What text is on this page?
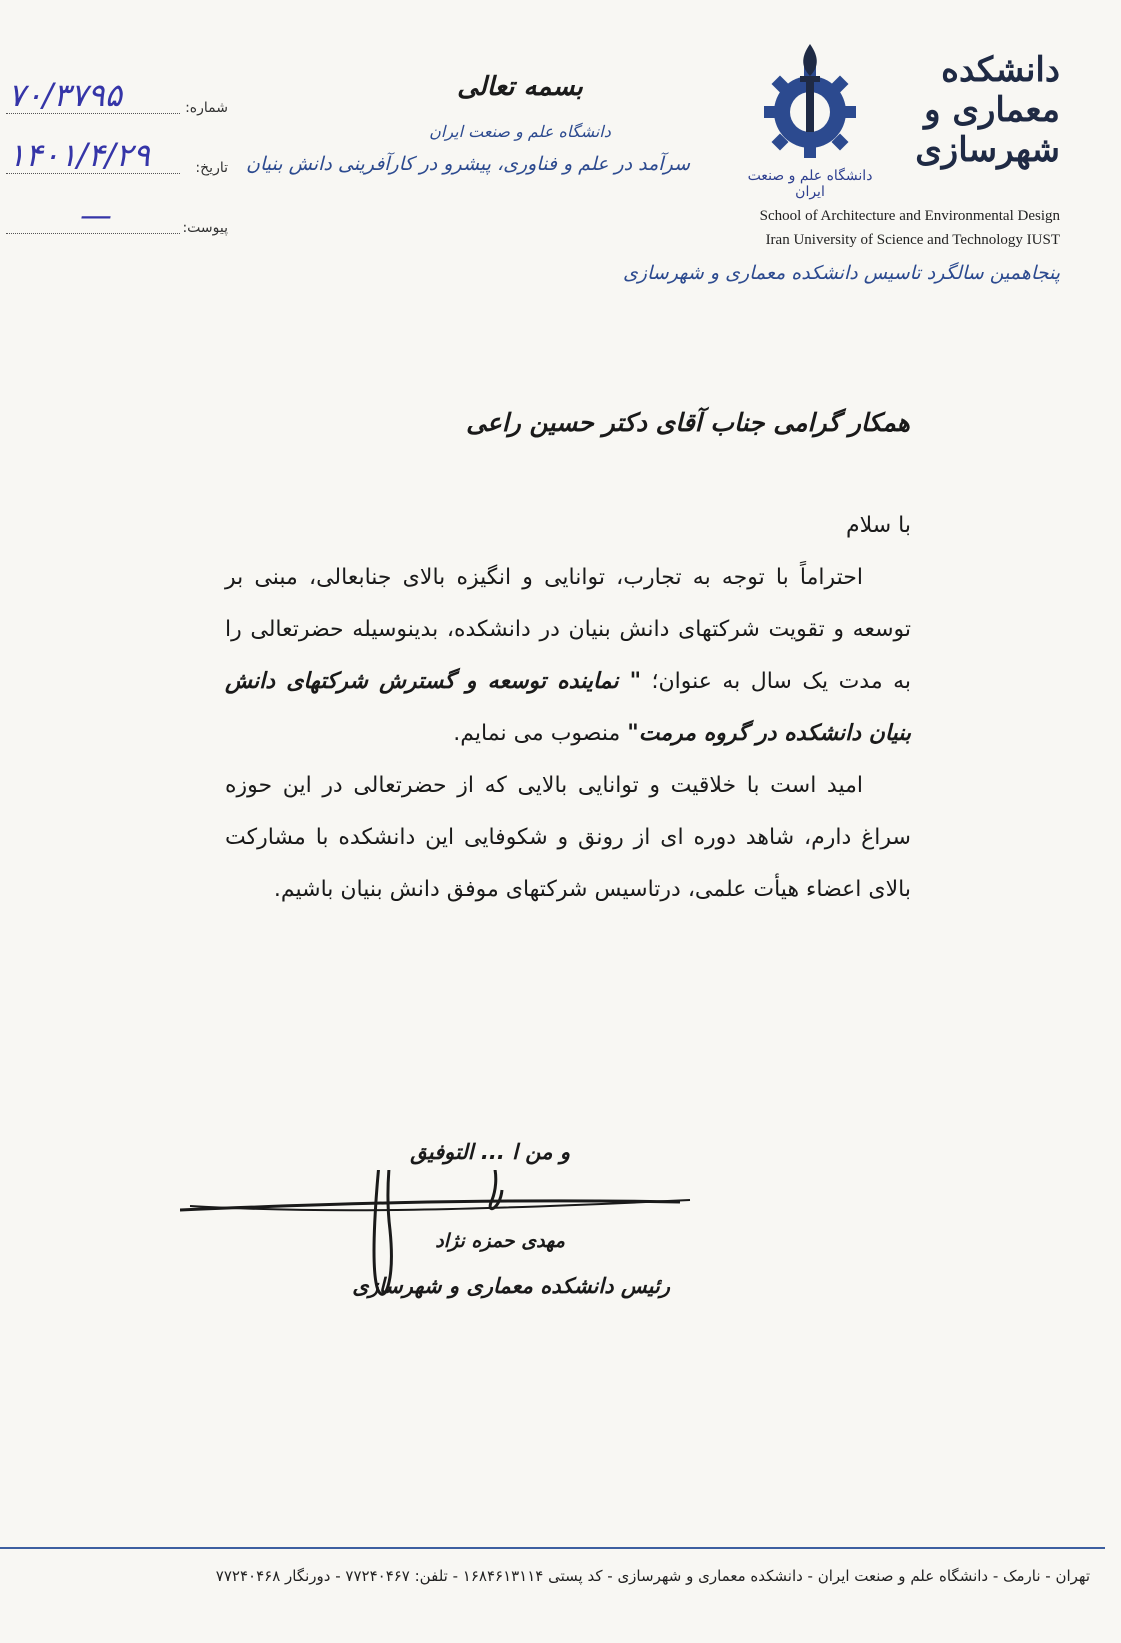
دانشکده معماری و شهرسازی
دانشگاه علم و صنعت ایران
School of Architecture and Environmental Design
Iran University of Science and Technology IUST
پنجاهمین سالگرد تاسیس دانشکده معماری و شهرسازی
بسمه تعالی
دانشگاه علم و صنعت ایران
سرآمد در علم و فناوری، پیشرو در کارآفرینی دانش بنیان
۷۰/۳۷۹۵	شماره:
۱۴۰۱/۴/۲۹	تاریخ:
—	پیوست:
همکار گرامی جناب آقای دکتر حسین راعی

با سلام

احتراماً با توجه به تجارب، توانایی و انگیزه بالای جنابعالی، مبنی بر توسعه و تقویت شرکتهای دانش بنیان در دانشکده، بدینوسیله حضرتعالی را به مدت یک سال به عنوان؛ " نماینده توسعه و گسترش شرکتهای دانش بنیان دانشکده در گروه مرمت" منصوب می نمایم.

امید است با خلاقیت و توانایی بالایی که از حضرتعالی در این حوزه سراغ دارم، شاهد دوره ای از رونق و شکوفایی این دانشکده با مشارکت بالای اعضاء هیأت علمی، درتاسیس شرکتهای موفق دانش بنیان باشیم.

و من ا ... التوفیق
مهدی حمزه نژاد
رئیس دانشکده معماری و شهرسازی
تهران - نارمک - دانشگاه علم و صنعت ایران - دانشکده معماری و شهرسازی - کد پستی ۱۶۸۴۶۱۳۱۱۴ - تلفن: ۷۷۲۴۰۴۶۷ - دورنگار ۷۷۲۴۰۴۶۸
